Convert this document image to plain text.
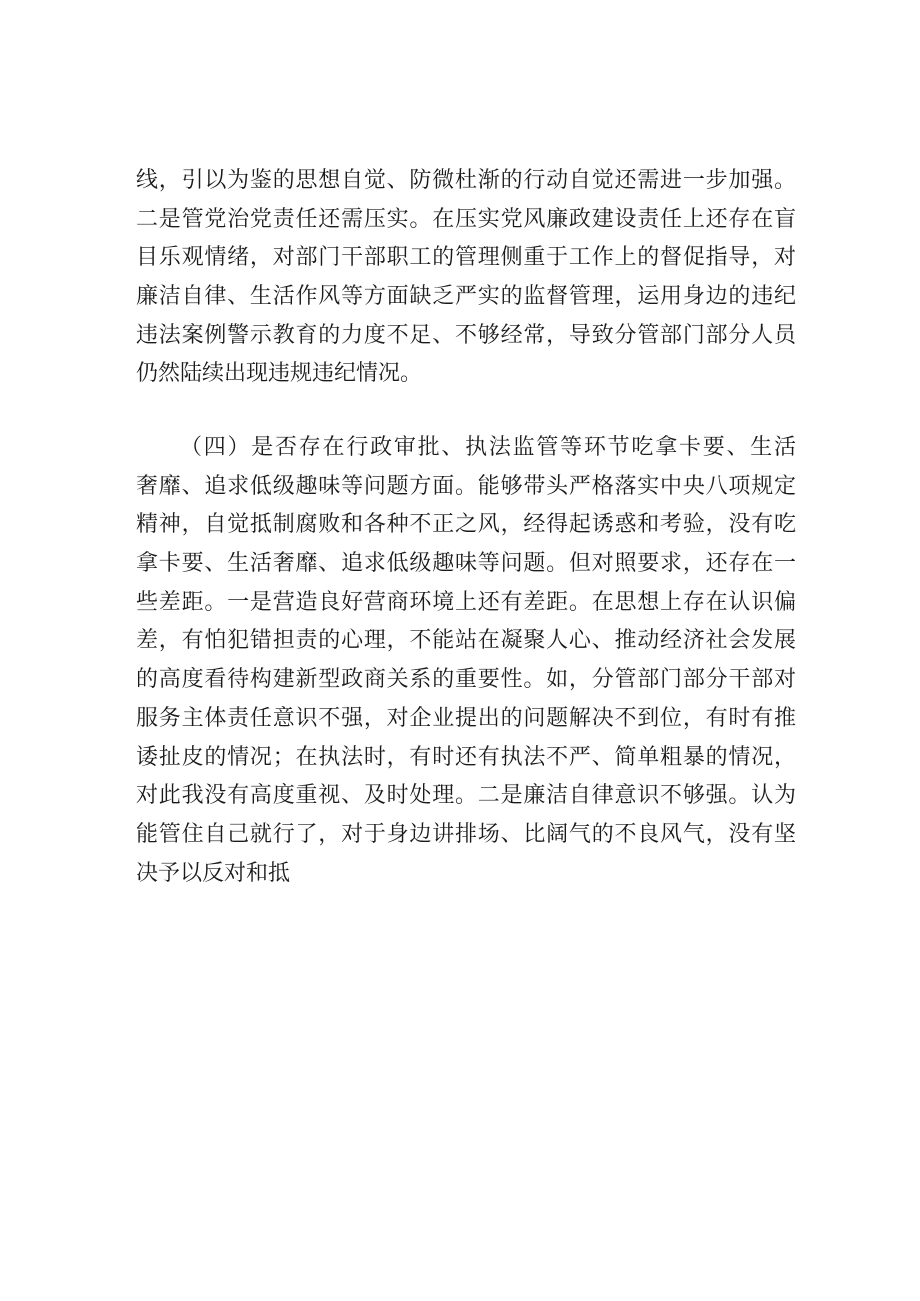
线，引以为鉴的思想自觉、防微杜渐的行动自觉还需进一步加强。
二是管党治党责任还需压实。在压实党风廉政建设责任上还存在盲
目乐观情绪，对部门干部职工的管理侧重于工作上的督促指导，对
廉洁自律、生活作风等方面缺乏严实的监督管理，运用身边的违纪
违法案例警示教育的力度不足、不够经常，导致分管部门部分人员
仍然陆续出现违规违纪情况。
（四）是否存在行政审批、执法监管等环节吃拿卡要、生活
奢靡、追求低级趣味等问题方面。能够带头严格落实中央八项规定
精神，自觉抵制腐败和各种不正之风，经得起诱惑和考验，没有吃
拿卡要、生活奢靡、追求低级趣味等问题。但对照要求，还存在一
些差距。一是营造良好营商环境上还有差距。在思想上存在认识偏
差，有怕犯错担责的心理，不能站在凝聚人心、推动经济社会发展
的高度看待构建新型政商关系的重要性。如，分管部门部分干部对
服务主体责任意识不强，对企业提出的问题解决不到位，有时有推
诿扯皮的情况；在执法时，有时还有执法不严、简单粗暴的情况，
对此我没有高度重视、及时处理。二是廉洁自律意识不够强。认为
能管住自己就行了，对于身边讲排场、比阔气的不良风气，没有坚
决予以反对和抵
